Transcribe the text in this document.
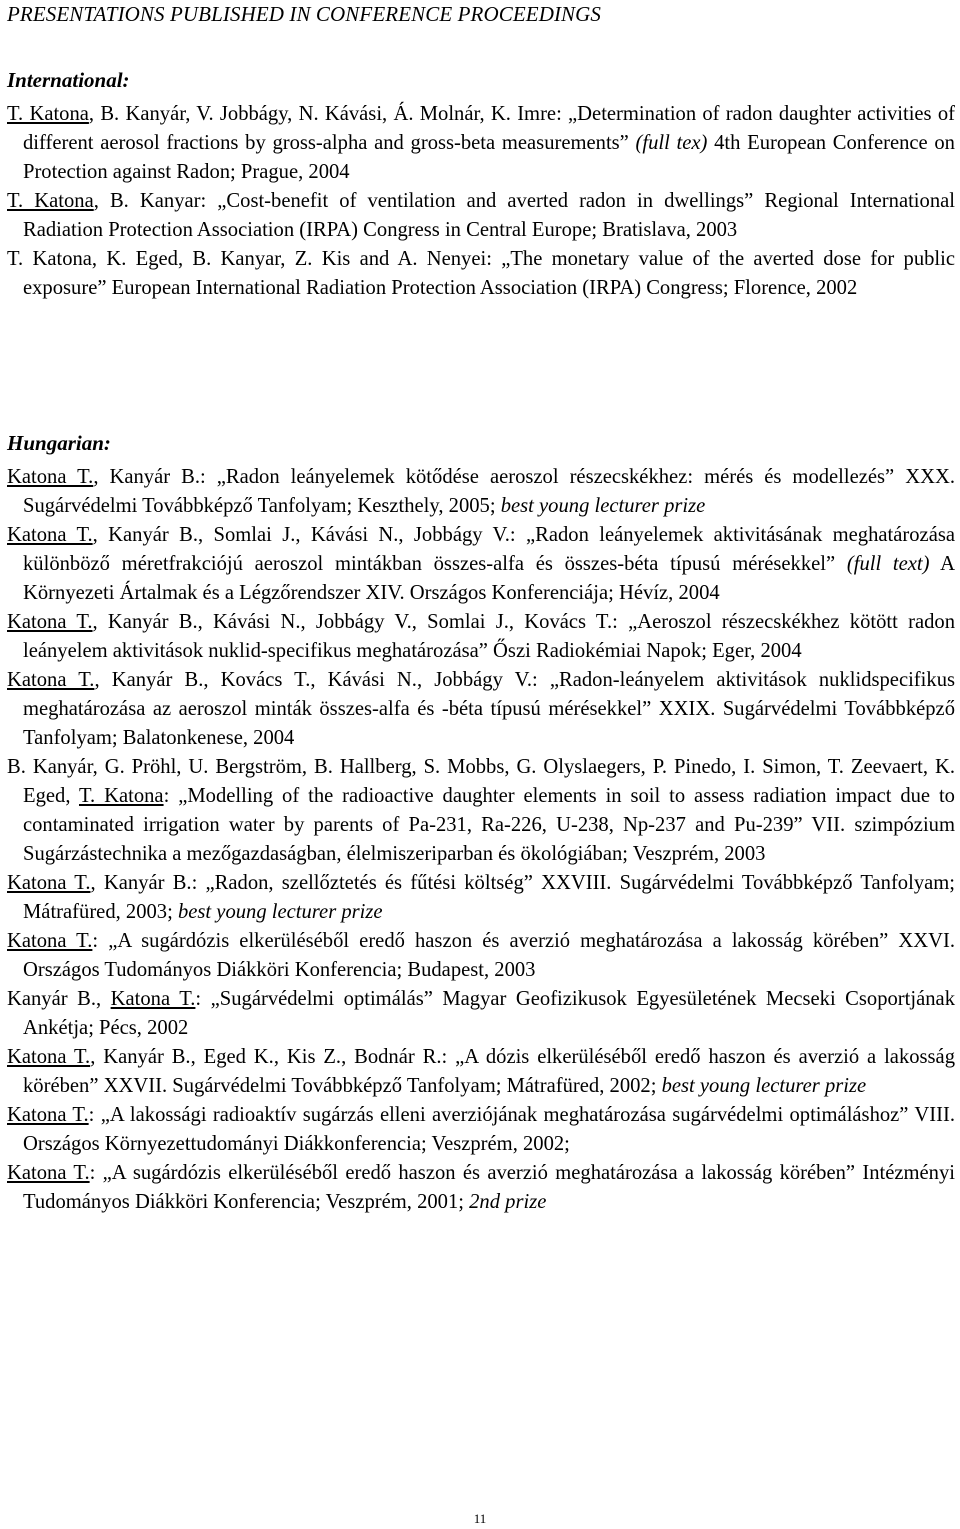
PRESENTATIONS PUBLISHED IN CONFERENCE PROCEEDINGS
International:

T. Katona, B. Kanyár, V. Jobbágy, N. Kávási, Á. Molnár, K. Imre: „Determination of radon daughter activities of different aerosol fractions by gross-alpha and gross-beta measurements” (full tex) 4th European Conference on Protection against Radon; Prague, 2004

T. Katona, B. Kanyar: „Cost-benefit of ventilation and averted radon in dwellings” Regional International Radiation Protection Association (IRPA) Congress in Central Europe; Bratislava, 2003

T. Katona, K. Eged, B. Kanyar, Z. Kis and A. Nenyei: „The monetary value of the averted dose for public exposure” European International Radiation Protection Association (IRPA) Congress; Florence, 2002

Hungarian:

Katona T., Kanyár B.: „Radon leányelemek kötődése aeroszol részecskékhez: mérés és modellezés” XXX. Sugárvédelmi Továbbképző Tanfolyam; Keszthely, 2005; best young lecturer prize

Katona T., Kanyár B., Somlai J., Kávási N., Jobbágy V.: „Radon leányelemek aktivitásának meghatározása különböző méretfrakciójú aeroszol mintákban összes-alfa és összes-béta típusú mérésekkel” (full text) A Környezeti Ártalmak és a Légzőrendszer XIV. Országos Konferenciája; Hévíz, 2004

Katona T., Kanyár B., Kávási N., Jobbágy V., Somlai J., Kovács T.: „Aeroszol részecskékhez kötött radon leányelem aktivitások nuklid-specifikus meghatározása” Őszi Radiokémiai Napok; Eger, 2004

Katona T., Kanyár B., Kovács T., Kávási N., Jobbágy V.: „Radon-leányelem aktivitások nuklidspecifikus meghatározása az aeroszol minták összes-alfa és -béta típusú mérésekkel” XXIX. Sugárvédelmi Továbbképző Tanfolyam; Balatonkenese, 2004

B. Kanyár, G. Pröhl, U. Bergström, B. Hallberg, S. Mobbs, G. Olyslaegers, P. Pinedo, I. Simon, T. Zeevaert, K. Eged, T. Katona: „Modelling of the radioactive daughter elements in soil to assess radiation impact due to contaminated irrigation water by parents of Pa-231, Ra-226, U-238, Np-237 and Pu-239” VII. szimpózium Sugárzástechnika a mezőgazdaságban, élelmiszeriparban és ökológiában; Veszprém, 2003

Katona T., Kanyár B.: „Radon, szellőztetés és fűtési költség” XXVIII. Sugárvédelmi Továbbképző Tanfolyam; Mátrafüred, 2003; best young lecturer prize

Katona T.: „A sugárdózis elkerüléséből eredő haszon és averzió meghatározása a lakosság körében” XXVI. Országos Tudományos Diákköri Konferencia; Budapest, 2003

Kanyár B., Katona T.: „Sugárvédelmi optimálás” Magyar Geofizikusok Egyesületének Mecseki Csoportjának Ankétja; Pécs, 2002

Katona T., Kanyár B., Eged K., Kis Z., Bodnár R.: „A dózis elkerüléséből eredő haszon és averzió a lakosság körében” XXVII. Sugárvédelmi Továbbképző Tanfolyam; Mátrafüred, 2002; best young lecturer prize

Katona T.: „A lakossági radioaktív sugárzás elleni averziójának meghatározása sugárvédelmi optimáláshoz” VIII. Országos Környezettudományi Diákkonferencia; Veszprém, 2002;

Katona T.: „A sugárdózis elkerüléséből eredő haszon és averzió meghatározása a lakosság körében” Intézményi Tudományos Diákköri Konferencia; Veszprém, 2001; 2nd prize

11
